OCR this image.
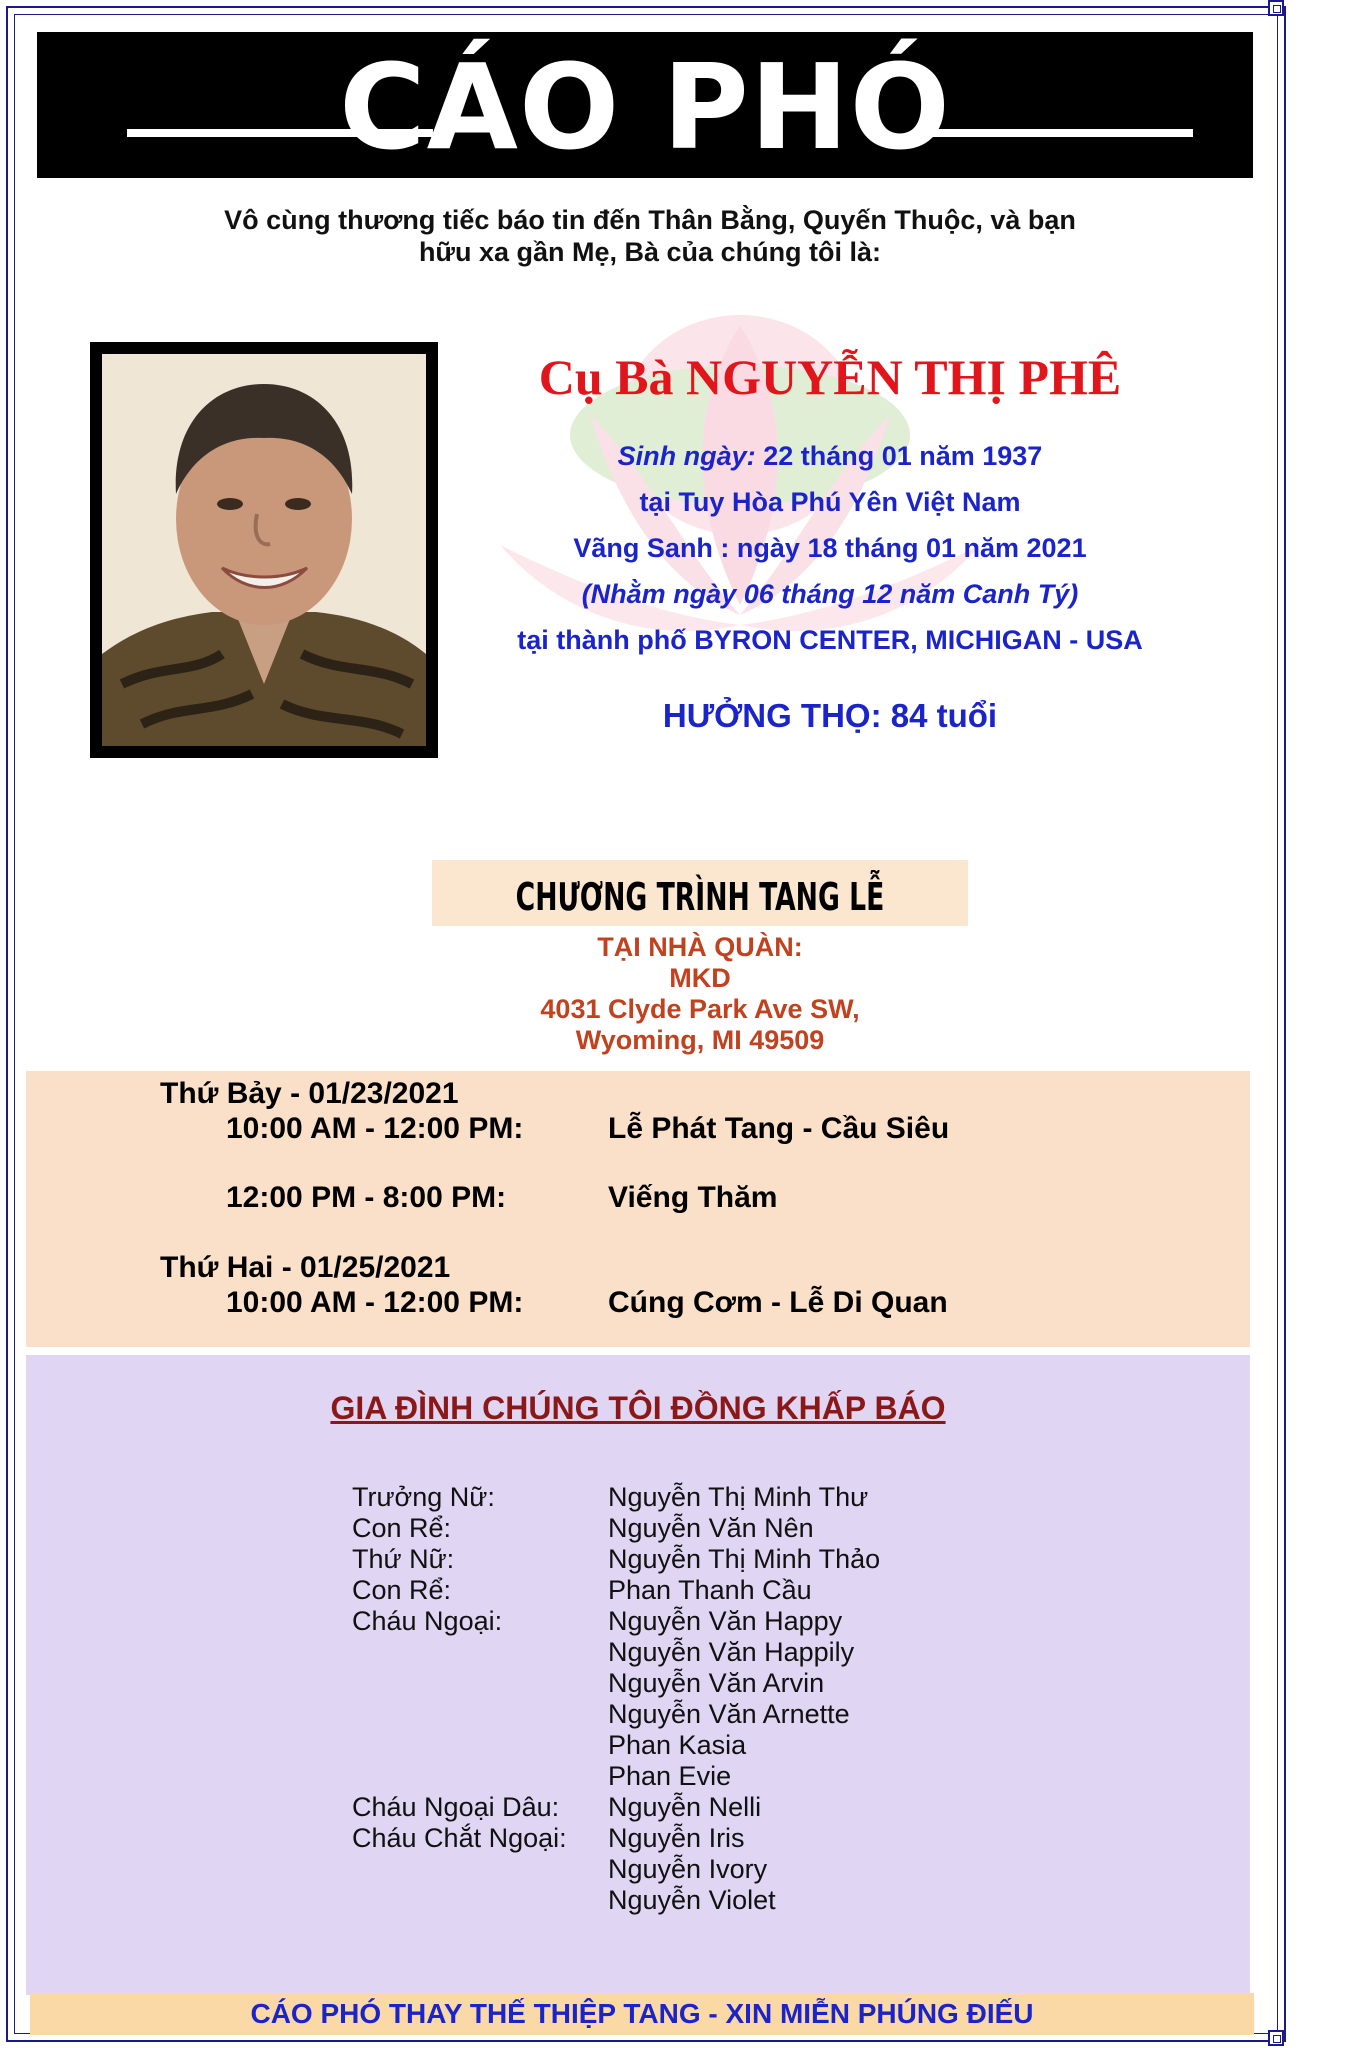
CÁO PHÓ
Vô cùng thương tiếc báo tin đến Thân Bằng, Quyến Thuộc, và bạn
hữu xa gần Mẹ, Bà của chúng tôi là:
Cụ Bà NGUYỄN THỊ PHÊ
Sinh ngày: 22 tháng 01 năm 1937
tại Tuy Hòa Phú Yên Việt Nam
Vãng Sanh : ngày 18 tháng 01 năm 2021
(Nhằm ngày 06 tháng 12 năm Canh Tý)
tại thành phố BYRON CENTER, MICHIGAN - USA
HƯỞNG THỌ: 84 tuổi
CHƯƠNG TRÌNH TANG LỄ
TẠI NHÀ QUÀN:
MKD
4031 Clyde Park Ave SW,
Wyoming, MI 49509
Thứ Bảy - 01/23/2021
10:00 AM - 12:00 PM:	Lễ Phát Tang - Cầu Siêu
12:00 PM - 8:00 PM:	Viếng Thăm
Thứ Hai - 01/25/2021
10:00 AM - 12:00 PM:	Cúng Cơm - Lễ Di Quan
GIA ĐÌNH CHÚNG TÔI ĐỒNG KHẤP BÁO
Trưởng Nữ:	Nguyễn Thị Minh Thư
Con Rể:	Nguyễn Văn Nên
Thứ Nữ:	Nguyễn Thị Minh Thảo
Con Rể:	Phan Thanh Cầu
Cháu Ngoại:	Nguyễn Văn Happy
Nguyễn Văn Happily
Nguyễn Văn Arvin
Nguyễn Văn Arnette
Phan Kasia
Phan Evie
Cháu Ngoại Dâu: Nguyễn Nelli
Cháu Chắt Ngoại: Nguyễn Iris
Nguyễn Ivory
Nguyễn Violet
CÁO PHÓ THAY THẾ THIỆP TANG - XIN MIỄN PHÚNG ĐIẾU
